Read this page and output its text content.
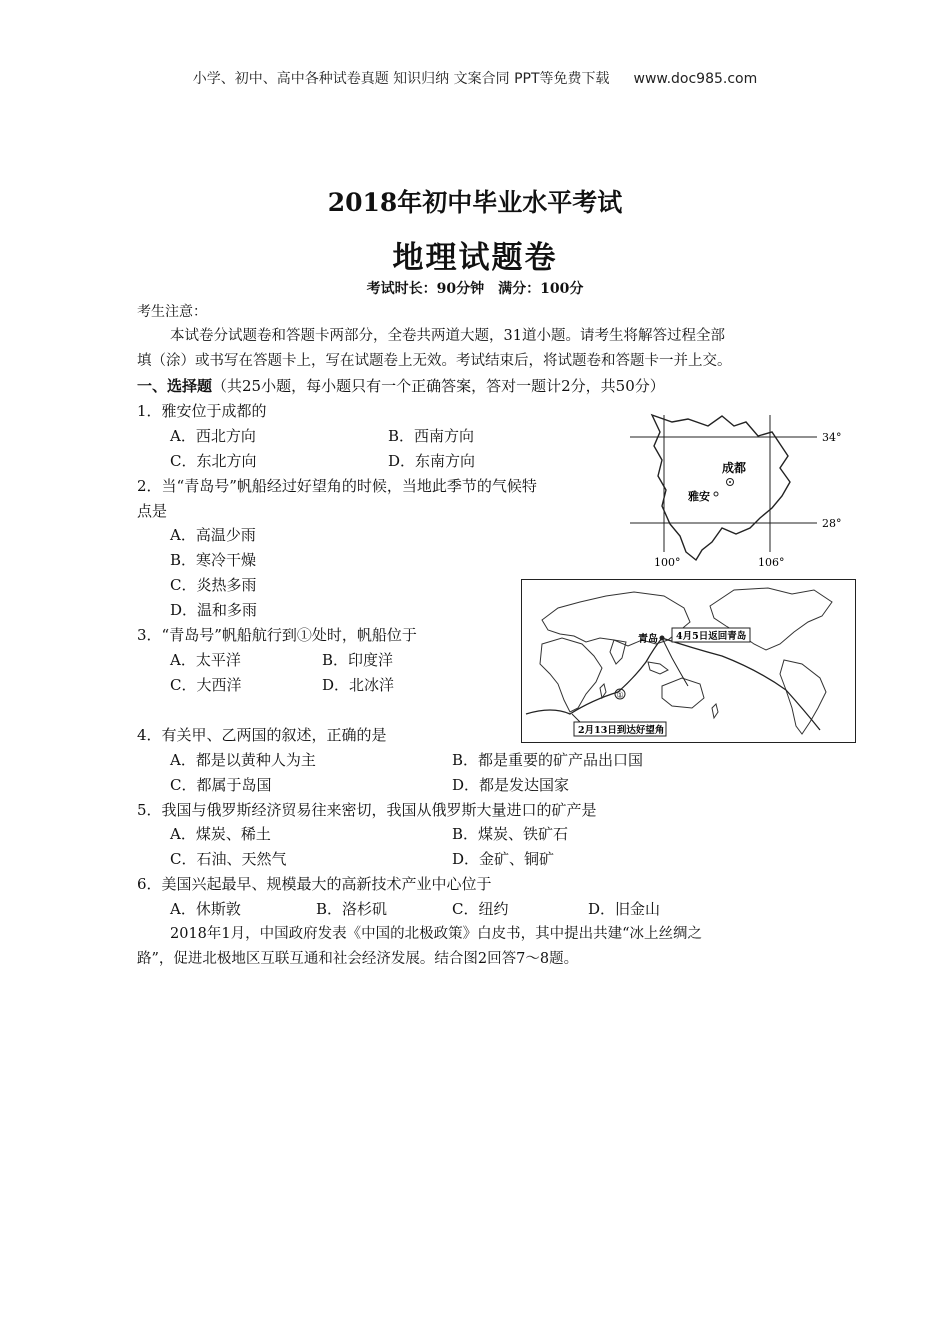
小学、初中、高中各种试卷真题 知识归纳 文案合同 PPT等免费下载 www.doc985.com
2018年初中毕业水平考试
地理试题卷
考试时长：90分钟　满分：100分
考生注意：
本试卷分试题卷和答题卡两部分，全卷共两道大题，31道小题。请考生将解答过程全部
填（涂）或书写在答题卡上，写在试题卷上无效。考试结束后，将试题卷和答题卡一并上交。
一、选择题（共25小题，每小题只有一个正确答案，答对一题计2分，共50分）
1．雅安位于成都的
A．西北方向	B．西南方向
C．东北方向	D．东南方向
2．当“青岛号”帆船经过好望角的时候，当地此季节的气候特
点是
A．高温少雨
B．寒冷干燥
C．炎热多雨
D．温和多雨
3．“青岛号”帆船航行到①处时，帆船位于
A．太平洋	B．印度洋
C．大西洋	D．北冰洋
4．有关甲、乙两国的叙述，正确的是
A．都是以黄种人为主	B．都是重要的矿产品出口国
C．都属于岛国	D．都是发达国家
5．我国与俄罗斯经济贸易往来密切，我国从俄罗斯大量进口的矿产是
A．煤炭、稀土	B．煤炭、铁矿石
C．石油、天然气	D．金矿、铜矿
6．美国兴起最早、规模最大的高新技术产业中心位于
A．休斯敦	B．洛杉矶	C．纽约	D．旧金山
2018年1月，中国政府发表《中国的北极政策》白皮书，其中提出共建“冰上丝绸之
路”，促进北极地区互联互通和社会经济发展。结合图2回答7～8题。
成都
雅安
34°
28°
100°	106°
青岛 4月5日返回青岛
①
2月13日到达好望角
